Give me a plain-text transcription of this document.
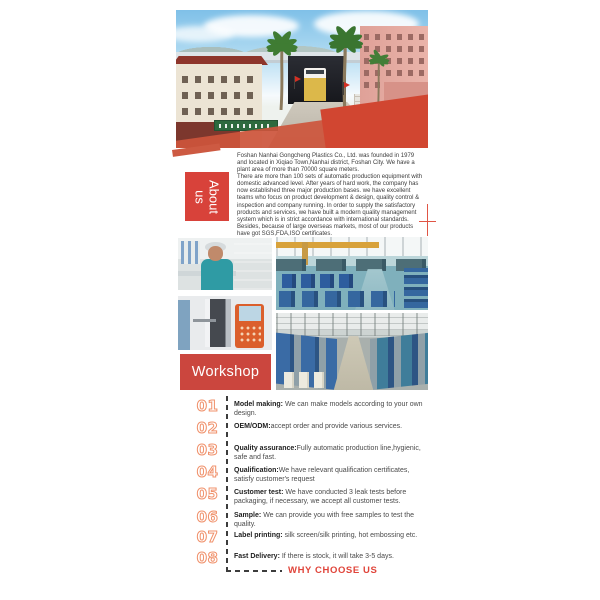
About us

Foshan Nanhai Gongcheng Plastics Co., Ltd. was founded in 1979 and located in Xiqiao Town,Nanhai district, Foshan City. We have a plant area of more than 70000 square meters.

There are more than 100 sets of automatic production equipment with domestic advanced level. After years of hard work, the company has now established three major production bases. we have excellent teams who focus on product development & design, quality control & inspection and company running. In order to supply the satisfactory products and services, we have built a modern quality management system which is in strict accordance with international standards. Besides, because of large overseas markets, most of our products have got SGS,FDA,ISO certificates.

Workshop
01	Model making: We can make models according to your own design.
02	OEM/ODM:accept order and provide various services.
03	Quality assurance:Fully automatic production line,hygienic, safe and fast.
04	Qualification:We have relevant qualification certificates, satisfy customer's request
05	Customer test: We have conducted 3 leak tests before packaging, if necessary, we accept all customer tests.
06	Sample: We can provide you with free samples to test the quality.
07	Label printing: silk screen/silk printing, hot embossing etc.
08	Fast Delivery: If there is stock, it will take 3-5 days.
WHY CHOOSE US
